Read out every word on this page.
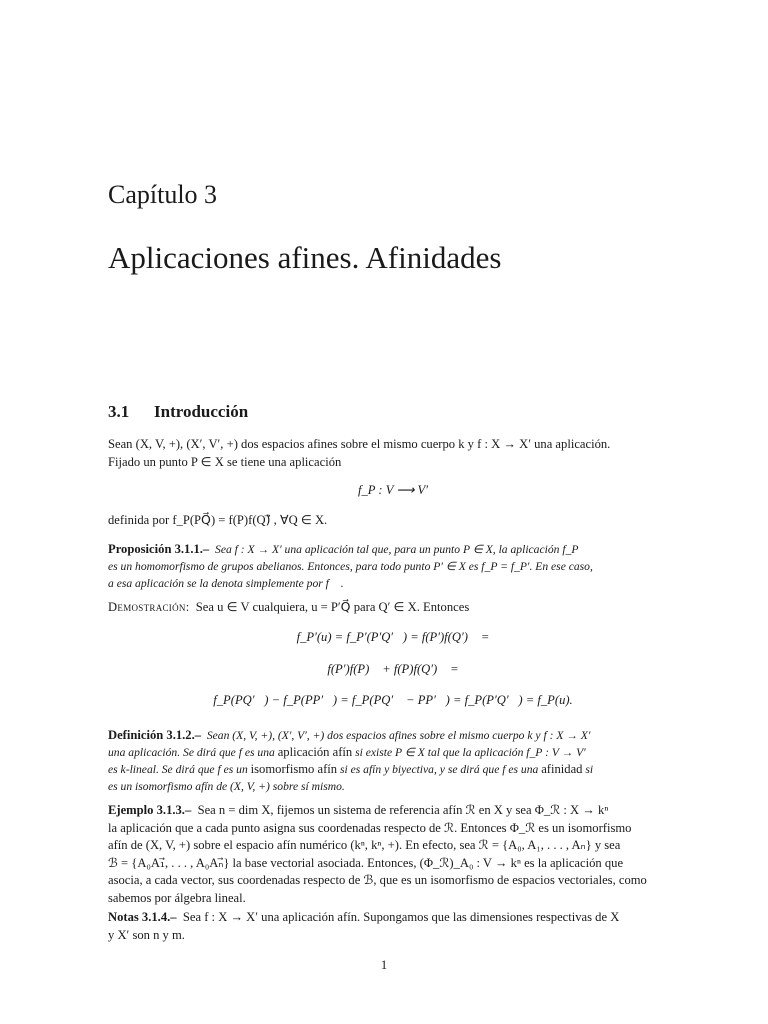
Capítulo 3
Aplicaciones afines. Afinidades
3.1 Introducción
Sean (X, V, +), (X′, V′, +) dos espacios afines sobre el mismo cuerpo k y f : X → X′ una aplicación.
Fijado un punto P ∈ X se tiene una aplicación
f_P : V ⟶ V′
definida por f_P(PQ⃗) = f(P)f(Q)⃗ , ∀Q ∈ X.
Proposición 3.1.1.– Sea f : X → X′ una aplicación tal que, para un punto P ∈ X, la aplicación f_P
es un homomorfismo de grupos abelianos. Entonces, para todo punto P′ ∈ X es f_P = f_P′. En ese caso,
a esa aplicación se la denota simplemente por f⃗ .
Demostración: Sea u ∈ V cualquiera, u = P′Q⃗ para Q′ ∈ X. Entonces
f_P′(u) = f_P′(P′Q′⃗) = f(P′)f(Q′)⃗ =
f(P′)f(P)⃗ + f(P)f(Q′)⃗ =
f_P(PQ′⃗) − f_P(PP′⃗) = f_P(PQ′⃗ − PP′⃗) = f_P(P′Q′⃗) = f_P(u).
Definición 3.1.2.– Sean (X, V, +), (X′, V′, +) dos espacios afines sobre el mismo cuerpo k y f : X → X′
una aplicación. Se dirá que f es una aplicación afín si existe P ∈ X tal que la aplicación f_P : V → V′
es k-lineal. Se dirá que f es un isomorfismo afín si es afín y biyectiva, y se dirá que f es una afinidad si
es un isomorfismo afín de (X, V, +) sobre sí mismo.
Ejemplo 3.1.3.– Sea n = dim X, fijemos un sistema de referencia afín ℛ en X y sea Φ_ℛ : X → kⁿ
la aplicación que a cada punto asigna sus coordenadas respecto de ℛ. Entonces Φ_ℛ es un isomorfismo
afín de (X, V, +) sobre el espacio afín numérico (kⁿ, kⁿ, +). En efecto, sea ℛ = {A₀, A₁, . . . , Aₙ} y sea
ℬ = {A₀A₁⃗, . . . , A₀Aₙ⃗} la base vectorial asociada. Entonces, (Φ_ℛ)_A₀ : V → kⁿ es la aplicación que
asocia, a cada vector, sus coordenadas respecto de ℬ, que es un isomorfismo de espacios vectoriales, como
sabemos por álgebra lineal.
Notas 3.1.4.– Sea f : X → X′ una aplicación afín. Supongamos que las dimensiones respectivas de X
y X′ son n y m.
1
